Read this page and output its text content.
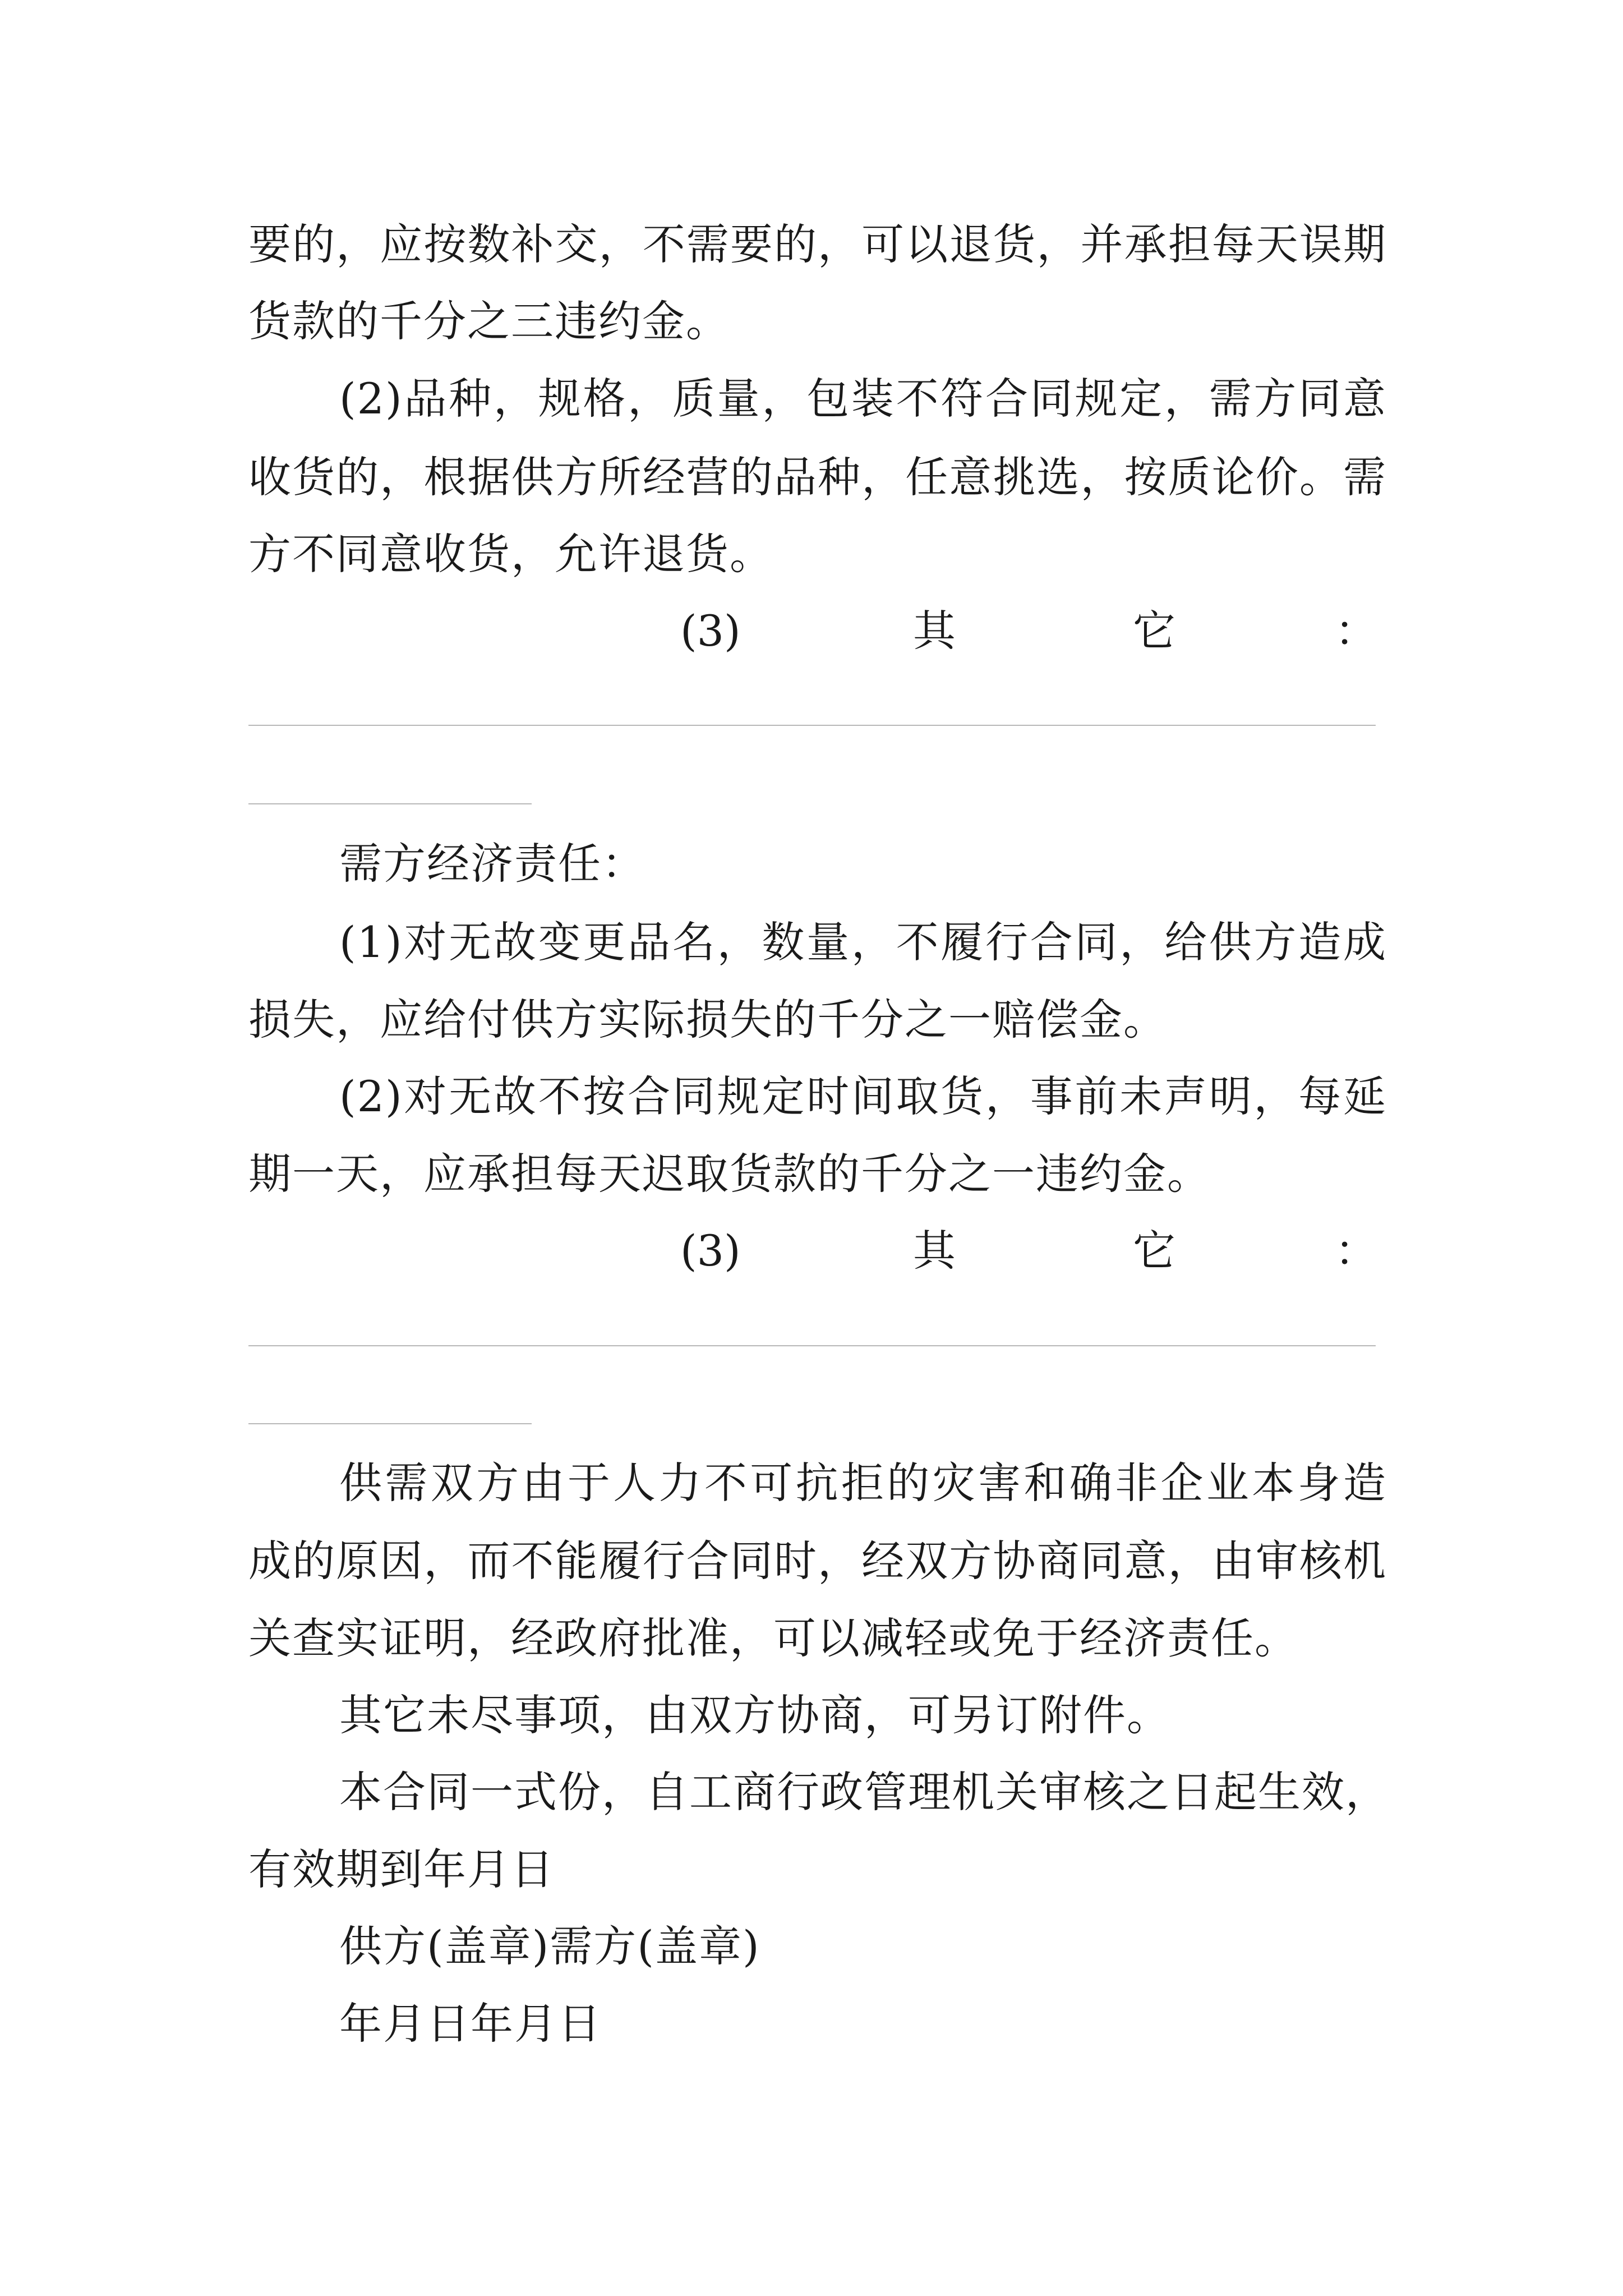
要的，应按数补交，不需要的，可以退货，并承担每天误期
货款的千分之三违约金。
(2)品种，规格，质量，包装不符合同规定，需方同意
收货的，根据供方所经营的品种，任意挑选，按质论价。需
方不同意收货，允许退货。
(3)	其	它	：
需方经济责任：
(1)对无故变更品名，数量，不履行合同，给供方造成
损失，应给付供方实际损失的千分之一赔偿金。
(2)对无故不按合同规定时间取货，事前未声明，每延
期一天，应承担每天迟取货款的千分之一违约金。
(3)	其	它	：
供需双方由于人力不可抗拒的灾害和确非企业本身造
成的原因，而不能履行合同时，经双方协商同意，由审核机
关查实证明，经政府批准，可以减轻或免于经济责任。
其它未尽事项，由双方协商，可另订附件。
本合同一式份，自工商行政管理机关审核之日起生效，
有效期到年月日
供方(盖章)需方(盖章)
年月日年月日
